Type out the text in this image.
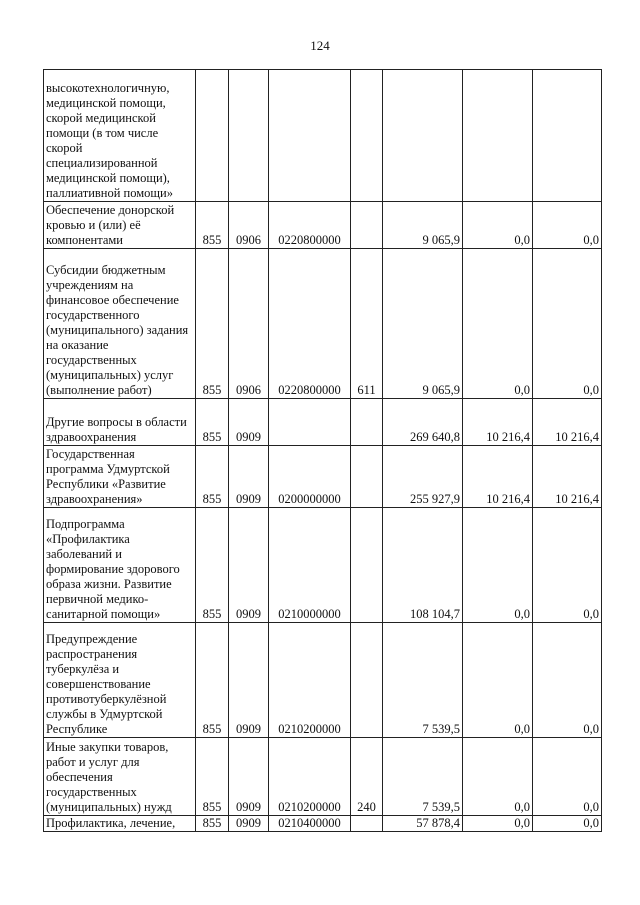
124
высокотехнологичную, медицинской помощи, скорой медицинской помощи (в том числе скорой специализированной медицинской помощи), паллиативной помощи»							
Обеспечение донорской кровью и (или) её компонентами	855	0906	0220800000		9 065,9	0,0	0,0
Субсидии бюджетным учреждениям на финансовое обеспечение государственного (муниципального) задания на оказание государственных (муниципальных) услуг (выполнение работ)	855	0906	0220800000	611	9 065,9	0,0	0,0
Другие вопросы в области здравоохранения	855	0909			269 640,8	10 216,4	10 216,4
Государственная программа Удмуртской Республики «Развитие здравоохранения»	855	0909	0200000000		255 927,9	10 216,4	10 216,4
Подпрограмма «Профилактика заболеваний и формирование здорового образа жизни. Развитие первичной медико-санитарной помощи»	855	0909	0210000000		108 104,7	0,0	0,0
Предупреждение распространения туберкулёза и совершенствование противотуберкулёзной службы в Удмуртской Республике	855	0909	0210200000		7 539,5	0,0	0,0
Иные закупки товаров, работ и услуг для обеспечения государственных (муниципальных) нужд	855	0909	0210200000	240	7 539,5	0,0	0,0
Профилактика, лечение,	855	0909	0210400000		57 878,4	0,0	0,0
